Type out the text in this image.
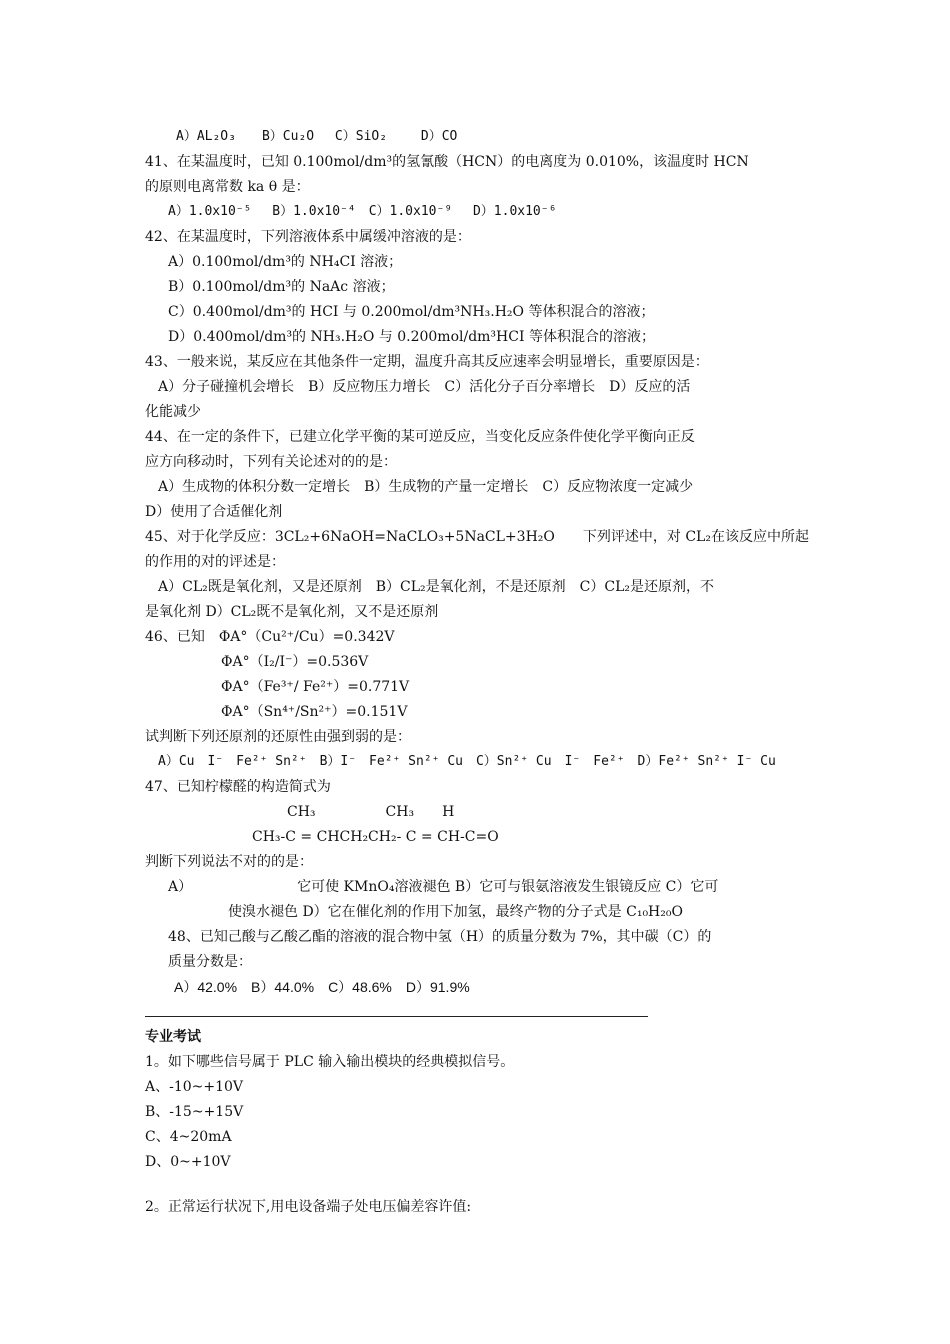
A）AL₂O₃　　B）Cu₂O　 C）SiO₂　　 D）CO
41、在某温度时，已知 0.100mol/dm³的氢氰酸（HCN）的电离度为 0.010%，该温度时 HCN
的原则电离常数 ka θ 是：
A）1.0x10⁻⁵　 B）1.0x10⁻⁴　C）1.0x10⁻⁹　 D）1.0x10⁻⁶
42、在某温度时，下列溶液体系中属缓冲溶液的是：
A）0.100mol/dm³的 NH₄CI 溶液；
B）0.100mol/dm³的 NaAc 溶液；
C）0.400mol/dm³的 HCI 与 0.200mol/dm³NH₃.H₂O 等体积混合的溶液；
D）0.400mol/dm³的 NH₃.H₂O 与 0.200mol/dm³HCI 等体积混合的溶液；
43、一般来说，某反应在其他条件一定期，温度升高其反应速率会明显增长，重要原因是：
A）分子碰撞机会增长　B）反应物压力增长　C）活化分子百分率增长　D）反应的活
化能减少
44、在一定的条件下，已建立化学平衡的某可逆反应，当变化反应条件使化学平衡向正反
应方向移动时，下列有关论述对的的是：
A）生成物的体积分数一定增长　B）生成物的产量一定增长　C）反应物浓度一定减少
D）使用了合适催化剂
45、对于化学反应：3CL₂+6NaOH=NaCLO₃+5NaCL+3H₂O　　下列评述中，对 CL₂在该反应中所起
的作用的对的评述是：
A）CL₂既是氧化剂，又是还原剂　B）CL₂是氧化剂，不是还原剂　C）CL₂是还原剂，不
是氧化剂 D）CL₂既不是氧化剂，又不是还原剂
46、已知　ΦA°（Cu²⁺/Cu）=0.342V
ΦA°（I₂/I⁻）=0.536V
ΦA°（Fe³⁺/ Fe²⁺）=0.771V
ΦA°（Sn⁴⁺/Sn²⁺）=0.151V
试判断下列还原剂的还原性由强到弱的是：
A）Cu　I⁻　Fe²⁺ Sn²⁺　B）I⁻　Fe²⁺ Sn²⁺ Cu　C）Sn²⁺ Cu　I⁻　Fe²⁺　D）Fe²⁺ Sn²⁺ I⁻ Cu
47、已知柠檬醛的构造简式为
CH₃　　　　　CH₃　　H
CH₃-C = CHCH₂CH₂- C = CH-C=O
判断下列说法不对的的是：
A）　　　　　　　　它可使 KMnO₄溶液褪色 B）它可与银氨溶液发生银镜反应 C）它可
使溴水褪色 D）它在催化剂的作用下加氢，最终产物的分子式是 C₁₀H₂₀O
48、已知己酸与乙酸乙酯的溶液的混合物中氢（H）的质量分数为 7%，其中碳（C）的
质量分数是：
A）42.0%　B）44.0%　C）48.6%　D）91.9%
专业考试
1。如下哪些信号属于 PLC 输入输出模块的经典模拟信号。
A、-10~+10V
B、-15~+15V
C、4~20mA
D、0~+10V
2。正常运行状况下,用电设备端子处电压偏差容许值:
